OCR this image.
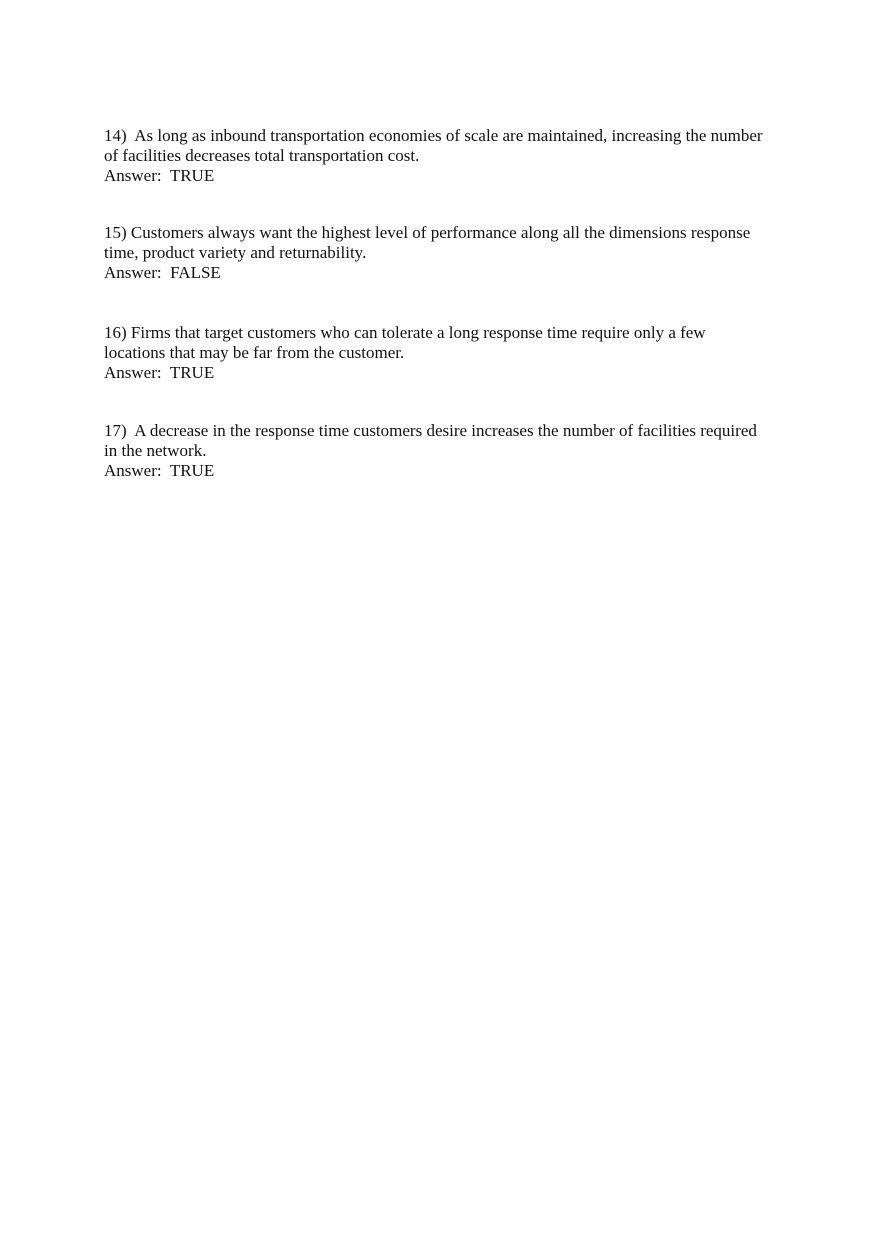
14) As long as inbound transportation economies of scale are maintained, increasing the number
of facilities decreases total transportation cost.
Answer: TRUE
15) Customers always want the highest level of performance along all the dimensions response
time, product variety and returnability.
Answer: FALSE
16) Firms that target customers who can tolerate a long response time require only a few
locations that may be far from the customer.
Answer: TRUE
17) A decrease in the response time customers desire increases the number of facilities required
in the network.
Answer: TRUE
